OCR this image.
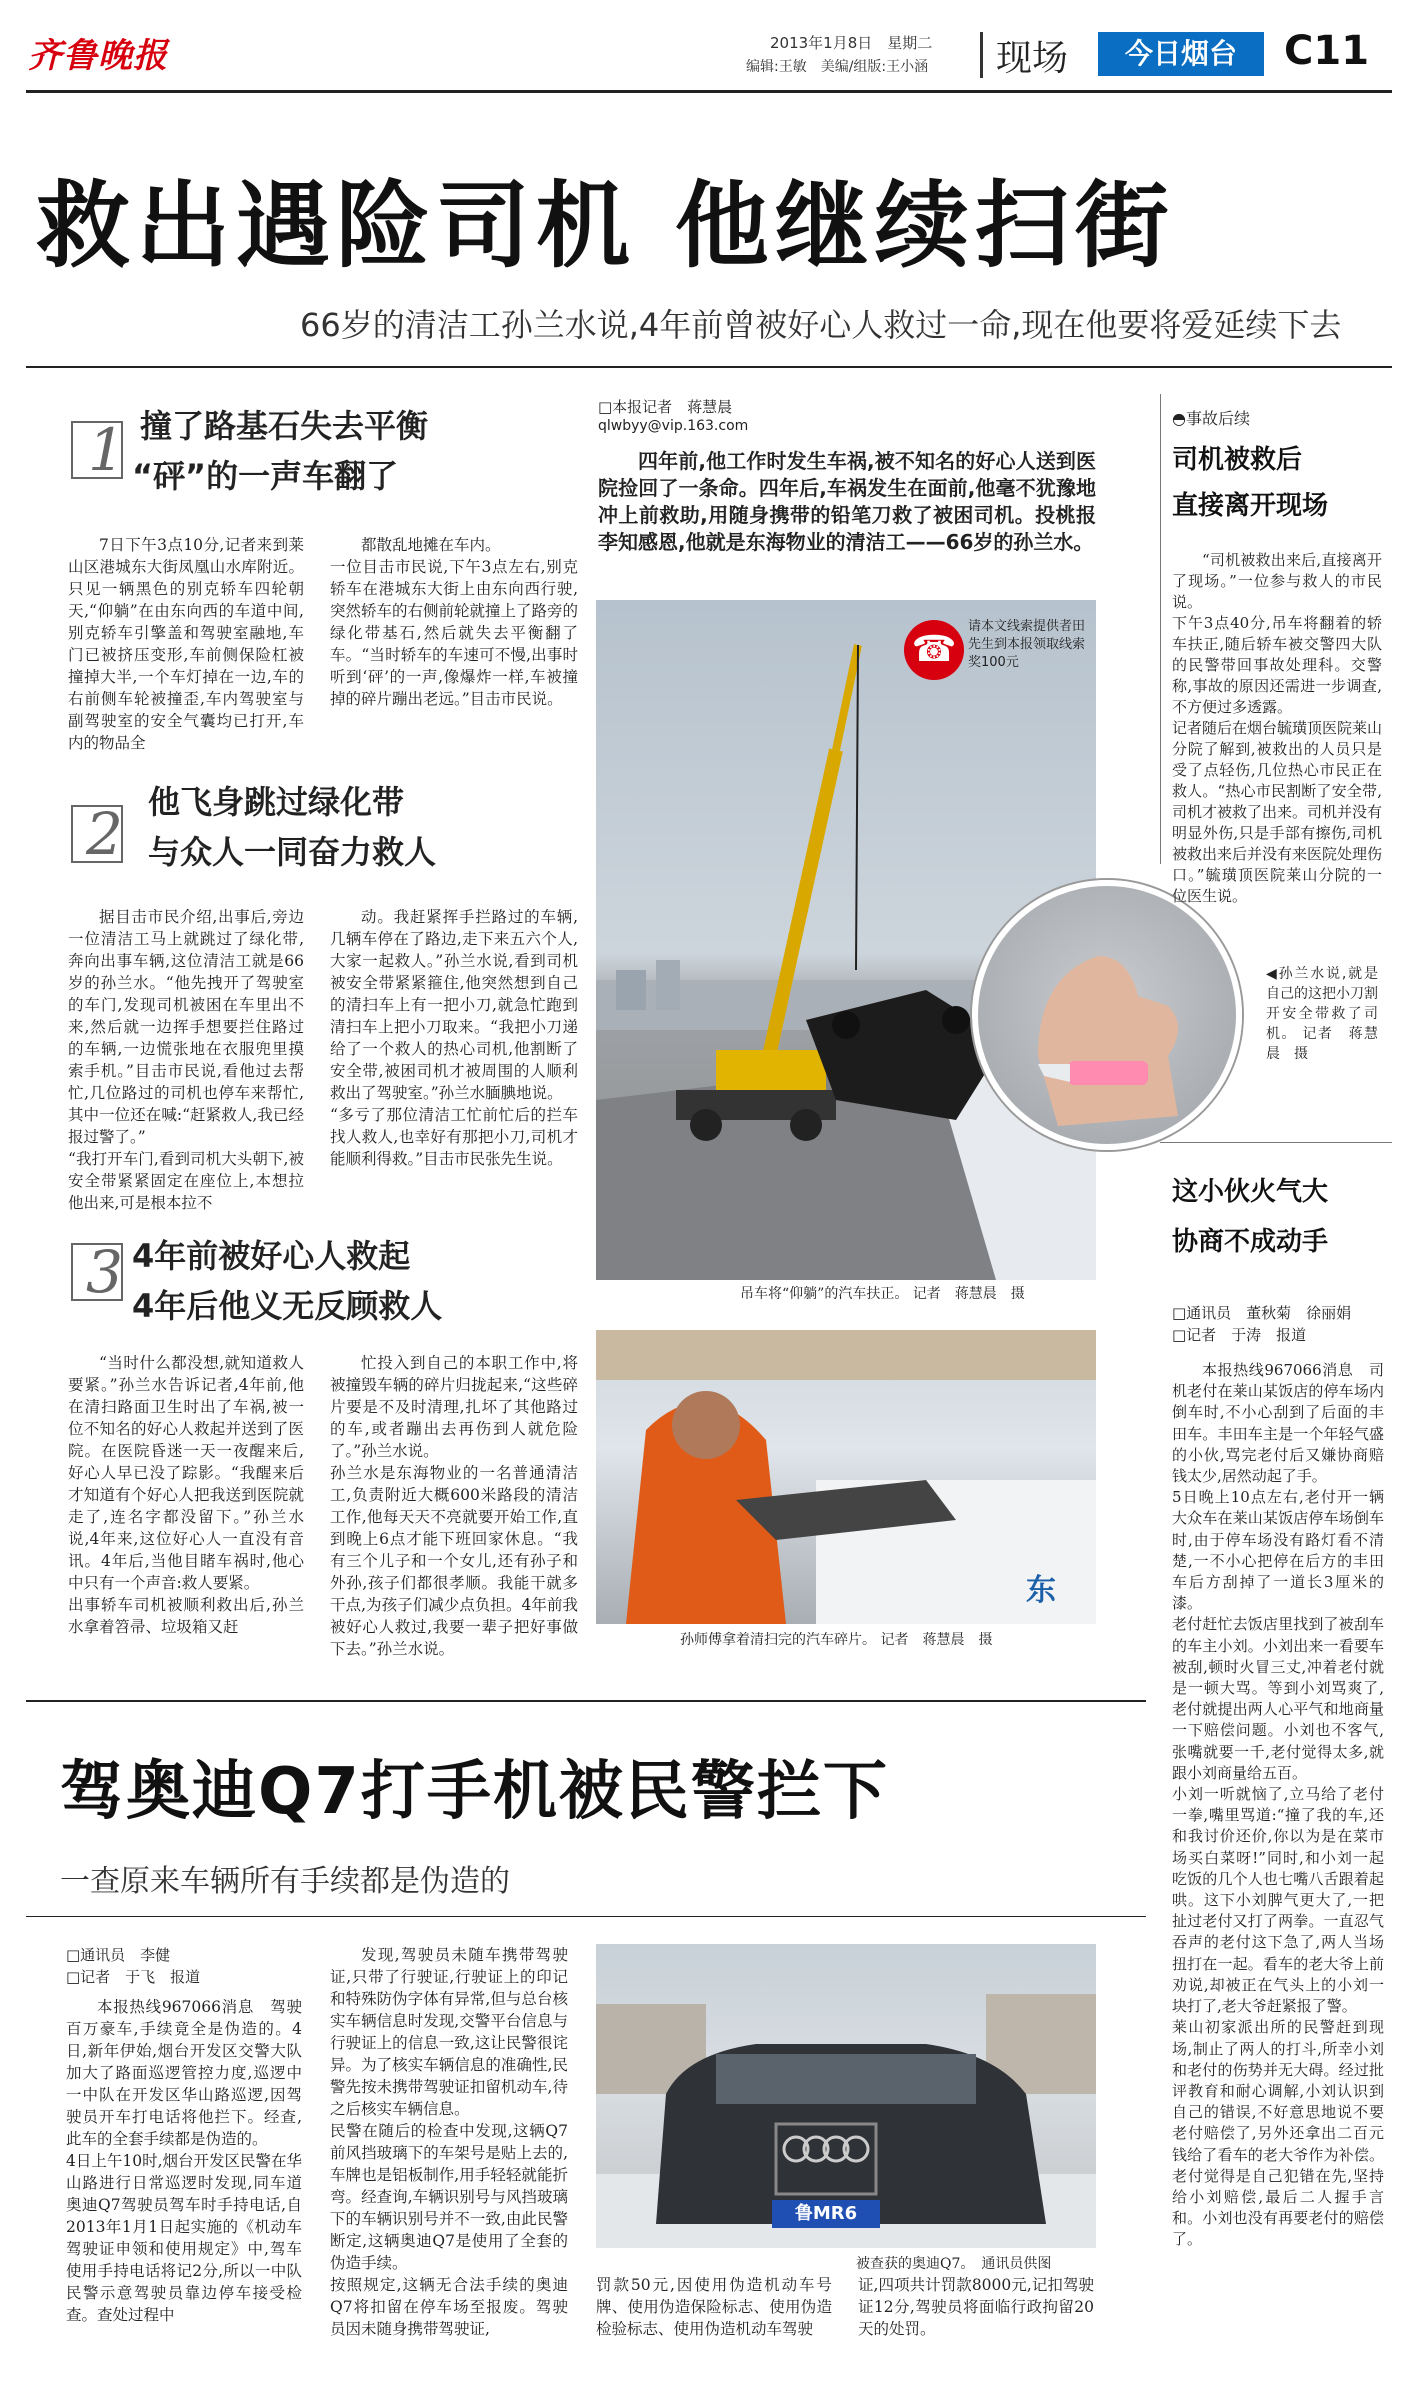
齐鲁晚报	2013年1月8日　 星期二
编辑:王敏　美编/组版:王小涵 现场	今日烟台	C11
救出遇险司机 他继续扫街
66岁的清洁工孙兰水说,4年前曾被好心人救过一命,现在他要将爱延续下去
1 撞了路基石失去平衡
“砰”的一声车翻了

7日下午3点10分,记者来到莱山区港城东大街凤凰山水库附近。只见一辆黑色的别克轿车四轮朝天,“仰躺”在由东向西的车道中间,别克轿车引擎盖和驾驶室融地,车门已被挤压变形,车前侧保险杠被撞掉大半,一个车灯掉在一边,车的右前侧车轮被撞歪,车内驾驶室与副驾驶室的安全气囊均已打开,车内的物品全

都散乱地摊在车内。
一位目击市民说,下午3点左右,别克轿车在港城东大街上由东向西行驶,突然轿车的右侧前轮就撞上了路旁的绿化带基石,然后就失去平衡翻了车。“当时轿车的车速可不慢,出事时听到‘砰’的一声,像爆炸一样,车被撞掉的碎片蹦出老远。”目击市民说。

2 他飞身跳过绿化带
与众人一同奋力救人

据目击市民介绍,出事后,旁边一位清洁工马上就跳过了绿化带,奔向出事车辆,这位清洁工就是66岁的孙兰水。“他先拽开了驾驶室的车门,发现司机被困在车里出不来,然后就一边挥手想要拦住路过的车辆,一边慌张地在衣服兜里摸索手机。”目击市民说,看他过去帮忙,几位路过的司机也停车来帮忙,其中一位还在喊:“赶紧救人,我已经报过警了。”
“我打开车门,看到司机大头朝下,被安全带紧紧固定在座位上,本想拉他出来,可是根本拉不

动。我赶紧挥手拦路过的车辆,几辆车停在了路边,走下来五六个人,大家一起救人。”孙兰水说,看到司机被安全带紧紧箍住,他突然想到自己的清扫车上有一把小刀,就急忙跑到清扫车上把小刀取来。“我把小刀递给了一个救人的热心司机,他割断了安全带,被困司机才被周围的人顺利救出了驾驶室。”孙兰水腼腆地说。
“多亏了那位清洁工忙前忙后的拦车找人救人,也幸好有那把小刀,司机才能顺利得救。”目击市民张先生说。

3 4年前被好心人救起
4年后他义无反顾救人

“当时什么都没想,就知道救人要紧。”孙兰水告诉记者,4年前,他在清扫路面卫生时出了车祸,被一位不知名的好心人救起并送到了医院。在医院昏迷一天一夜醒来后,好心人早已没了踪影。“我醒来后才知道有个好心人把我送到医院就走了,连名字都没留下。”孙兰水说,4年来,这位好心人一直没有音讯。4年后,当他目睹车祸时,他心中只有一个声音:救人要紧。
出事轿车司机被顺利救出后,孙兰水拿着笤帚、垃圾箱又赶

忙投入到自己的本职工作中,将被撞毁车辆的碎片归拢起来,“这些碎片要是不及时清理,扎坏了其他路过的车,或者蹦出去再伤到人就危险了。”孙兰水说。
孙兰水是东海物业的一名普通清洁工,负责附近大概600米路段的清洁工作,他每天天不亮就要开始工作,直到晚上6点才能下班回家休息。“我有三个儿子和一个女儿,还有孙子和外孙,孩子们都很孝顺。我能干就多干点,为孩子们减少点负担。4年前我被好心人救过,我要一辈子把好事做下去。”孙兰水说。

□本报记者　蒋慧晨
qlwbyy@vip.163.com
四年前,他工作时发生车祸,被不知名的好心人送到医院捡回了一条命。四年后,车祸发生在面前,他毫不犹豫地冲上前救助,用随身携带的铅笔刀救了被困司机。投桃报李知感恩,他就是东海物业的清洁工——66岁的孙兰水。
吊车将“仰躺”的汽车扶正。 记者　蒋慧晨　摄
☎
请本文线索提供者田先生到本报领取线索奖100元
◀孙兰水说,就是自己的这把小刀割开安全带救了司机。 记者　蒋慧晨　摄
东
孙师傅拿着清扫完的汽车碎片。 记者　蒋慧晨　摄
◓事故后续
司机被救后
直接离开现场

“司机被救出来后,直接离开了现场。”一位参与救人的市民说。
下午3点40分,吊车将翻着的轿车扶正,随后轿车被交警四大队的民警带回事故处理科。交警称,事故的原因还需进一步调查,不方便过多透露。
记者随后在烟台毓璜顶医院莱山分院了解到,被救出的人员只是受了点轻伤,几位热心市民正在救人。“热心市民割断了安全带,司机才被救了出来。司机并没有明显外伤,只是手部有擦伤,司机被救出来后并没有来医院处理伤口。”毓璜顶医院莱山分院的一位医生说。

这小伙火气大
协商不成动手
□通讯员　董秋菊　徐丽娟
□记者　于涛　报道

本报热线967066消息　司机老付在莱山某饭店的停车场内倒车时,不小心刮到了后面的丰田车。丰田车主是一个年轻气盛的小伙,骂完老付后又嫌协商赔钱太少,居然动起了手。
5日晚上10点左右,老付开一辆大众车在莱山某饭店停车场倒车时,由于停车场没有路灯看不清楚,一不小心把停在后方的丰田车后方刮掉了一道长3厘米的漆。
老付赶忙去饭店里找到了被刮车的车主小刘。小刘出来一看要车被刮,顿时火冒三丈,冲着老付就是一顿大骂。等到小刘骂爽了,老付就提出两人心平气和地商量一下赔偿问题。小刘也不客气,张嘴就要一千,老付觉得太多,就跟小刘商量给五百。
小刘一听就恼了,立马给了老付一拳,嘴里骂道:“撞了我的车,还和我讨价还价,你以为是在菜市场买白菜呀!”同时,和小刘一起吃饭的几个人也七嘴八舌跟着起哄。这下小刘脾气更大了,一把扯过老付又打了两拳。一直忍气吞声的老付这下急了,两人当场扭打在一起。看车的老大爷上前劝说,却被正在气头上的小刘一块打了,老大爷赶紧报了警。
莱山初家派出所的民警赶到现场,制止了两人的打斗,所幸小刘和老付的伤势并无大碍。经过批评教育和耐心调解,小刘认识到自己的错误,不好意思地说不要老付赔偿了,另外还拿出二百元钱给了看车的老大爷作为补偿。老付觉得是自己犯错在先,坚持给小刘赔偿,最后二人握手言和。小刘也没有再要老付的赔偿了。

驾奥迪Q7打手机被民警拦下
一查原来车辆所有手续都是伪造的
□通讯员　李健
□记者　于飞　报道

本报热线967066消息　驾驶百万豪车,手续竟全是伪造的。4日,新年伊始,烟台开发区交警大队加大了路面巡逻管控力度,巡逻中一中队在开发区华山路巡逻,因驾驶员开车打电话将他拦下。经查,此车的全套手续都是伪造的。
4日上午10时,烟台开发区民警在华山路进行日常巡逻时发现,同车道奥迪Q7驾驶员驾车时手持电话,自2013年1月1日起实施的《机动车驾驶证申领和使用规定》中,驾车使用手持电话将记2分,所以一中队民警示意驾驶员靠边停车接受检查。查处过程中

发现,驾驶员未随车携带驾驶证,只带了行驶证,行驶证上的印记和特殊防伪字体有异常,但与总台核实车辆信息时发现,交警平台信息与行驶证上的信息一致,这让民警很诧异。为了核实车辆信息的准确性,民警先按未携带驾驶证扣留机动车,待之后核实车辆信息。
民警在随后的检查中发现,这辆Q7前风挡玻璃下的车架号是贴上去的,车牌也是铝板制作,用手轻轻就能折弯。经查询,车辆识别号与风挡玻璃下的车辆识别号并不一致,由此民警断定,这辆奥迪Q7是使用了全套的伪造手续。
按照规定,这辆无合法手续的奥迪Q7将扣留在停车场至报废。驾驶员因未随身携带驾驶证,

鲁MR6
被查获的奥迪Q7。　通讯员供图

罚款50元,因使用伪造机动车号牌、使用伪造保险标志、使用伪造检验标志、使用伪造机动车驾驶

证,四项共计罚款8000元,记扣驾驶证12分,驾驶员将面临行政拘留20天的处罚。
